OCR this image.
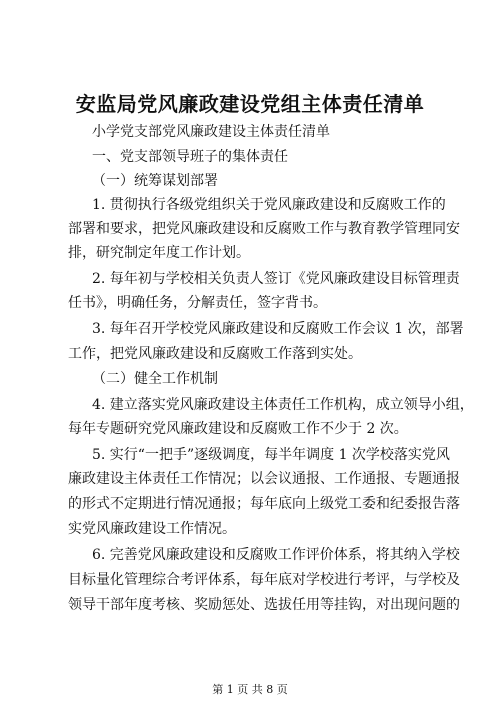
安监局党风廉政建设党组主体责任清单
小学党支部党风廉政建设主体责任清单
一、党支部领导班子的集体责任
（一）统筹谋划部署
1. 贯彻执行各级党组织关于党风廉政建设和反腐败工作的
部署和要求，把党风廉政建设和反腐败工作与教育教学管理同安
排，研究制定年度工作计划。
2. 每年初与学校相关负责人签订《党风廉政建设目标管理责
任书》，明确任务，分解责任，签字背书。
3. 每年召开学校党风廉政建设和反腐败工作会议 1 次，部署
工作，把党风廉政建设和反腐败工作落到实处。
（二）健全工作机制
4. 建立落实党风廉政建设主体责任工作机构，成立领导小组，
每年专题研究党风廉政建设和反腐败工作不少于 2 次。
5. 实行“一把手”逐级调度，每半年调度 1 次学校落实党风
廉政建设主体责任工作情况；以会议通报、工作通报、专题通报
的形式不定期进行情况通报；每年底向上级党工委和纪委报告落
实党风廉政建设工作情况。
6. 完善党风廉政建设和反腐败工作评价体系，将其纳入学校
目标量化管理综合考评体系，每年底对学校进行考评，与学校及
领导干部年度考核、奖励惩处、选拔任用等挂钩，对出现问题的
第 1 页 共 8 页
